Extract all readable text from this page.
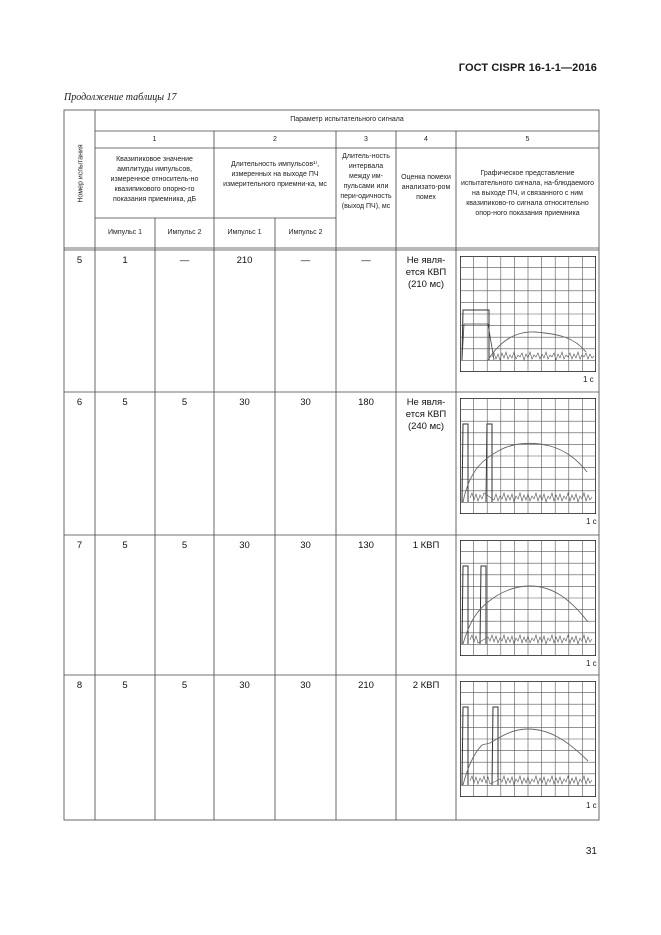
ГОСТ CISPR 16-1-1—2016
Продолжение таблицы 17
Номер испытания
Параметр испытательного сигнала
1	2	3	4	5
Квазипиковое значение амплитуды импульсов, измеренное относитель-но квазипикового опорно-го показания приемника, дБ
Длительность импульсов¹⁾, измеренных на выходе ПЧ измерительного приемни-ка, мс
Длитель-ность интервала между им-пульсами или пери-одичность (выход ПЧ), мс
Оценка помехи анализато-ром помех
Графическое представление испытательного сигнала, на-блюдаемого на выходе ПЧ, и связанного с ним квазипиково-го сигнала относительно опор-ного показания приемника
Импульс 1	Импульс 2	Импульс 1	Импульс 2
5	1	—	210	—	—	Не явля-ется КВП (210 мс)
6	5	5	30	30	180	Не явля-ется КВП (240 мс)
7	5	5	30	30	130	1 КВП
8	5	5	30	30	210	2 КВП
1 с
1 с
1 с
1 с
31
